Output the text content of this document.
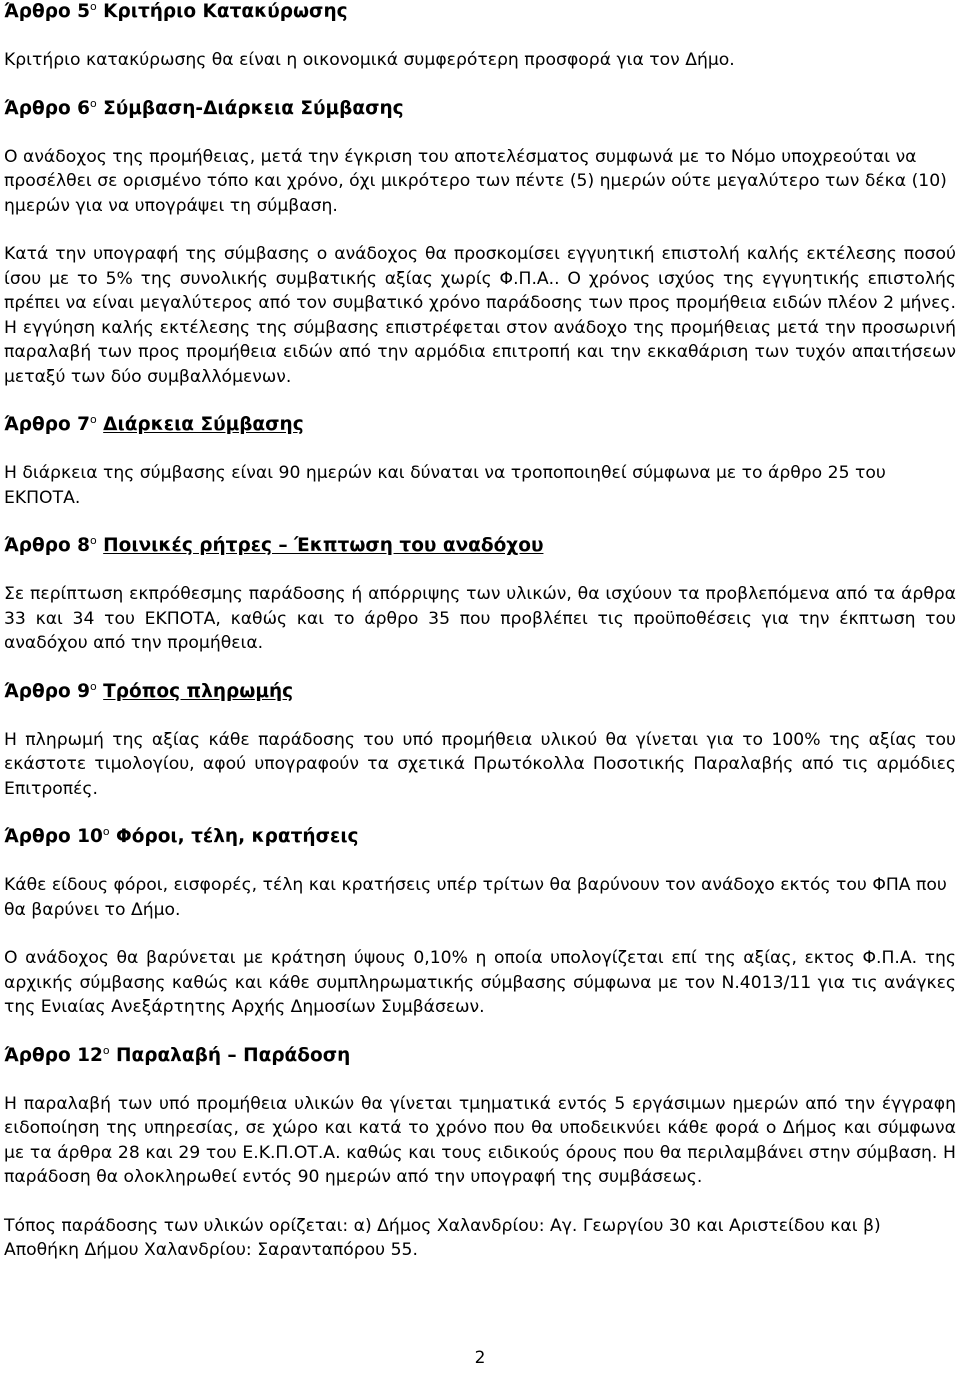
Άρθρο $5^o$ Κριτήριο Κατακύρωσης

Κριτήριο κατακύρωσης θα είναι η οικονομικά συμφερότερη προσφορά για τον Δήμο.

Άρθρο $6^o$ Σύμβαση-Διάρκεια Σύμβασης

Ο ανάδοχος της προμήθειας, μετά την έγκριση του αποτελέσματος συμφωνά με το Νόμο υποχρεούται να προσέλθει σε ορισμένο τόπο και χρόνο, όχι μικρότερο των πέντε (5) ημερών ούτε μεγαλύτερο των δέκα (10) ημερών για να υπογράψει τη σύμβαση.

Κατά την υπογραφή της σύμβασης ο ανάδοχος θα προσκομίσει εγγυητική επιστολή καλής εκτέλεσης ποσού ίσου με το 5% της συνολικής συμβατικής αξίας χωρίς Φ.Π.Α.. Ο χρόνος ισχύος της εγγυητικής επιστολής πρέπει να είναι μεγαλύτερος από τον συμβατικό χρόνο παράδοσης των προς προμήθεια ειδών πλέον 2 μήνες. Η εγγύηση καλής εκτέλεσης της σύμβασης επιστρέφεται στον ανάδοχο της προμήθειας μετά την προσωρινή παραλαβή των προς προμήθεια ειδών από την αρμόδια επιτροπή και την εκκαθάριση των τυχόν απαιτήσεων μεταξύ των δύο συμβαλλόμενων.

Άρθρο $7^o$ Διάρκεια Σύμβασης

Η διάρκεια της σύμβασης είναι 90 ημερών και δύναται να τροποποιηθεί σύμφωνα με το άρθρο 25 του ΕΚΠΟΤΑ.

Άρθρο $8^o$ Ποινικές ρήτρες – Έκπτωση του αναδόχου

Σε περίπτωση εκπρόθεσμης παράδοσης ή απόρριψης των υλικών, θα ισχύουν τα προβλεπόμενα από τα άρθρα 33 και 34 του ΕΚΠΟΤΑ, καθώς και το άρθρο 35 που προβλέπει τις προϋποθέσεις για την έκπτωση του αναδόχου από την προμήθεια.

Άρθρο $9^o$ Τρόπος πληρωμής

Η πληρωμή της αξίας κάθε παράδοσης του υπό προμήθεια υλικού θα γίνεται για το 100% της αξίας του εκάστοτε τιμολογίου, αφού υπογραφούν τα σχετικά Πρωτόκολλα Ποσοτικής Παραλαβής από τις αρμόδιες Επιτροπές.

Άρθρο $10^o$ Φόροι, τέλη, κρατήσεις

Κάθε είδους φόροι, εισφορές, τέλη και κρατήσεις υπέρ τρίτων θα βαρύνουν τον ανάδοχο εκτός του ΦΠΑ που θα βαρύνει το Δήμο.

Ο ανάδοχος θα βαρύνεται με κράτηση ύψους 0,10% η οποία υπολογίζεται επί της αξίας, εκτος Φ.Π.Α. της αρχικής σύμβασης καθώς και κάθε συμπληρωματικής σύμβασης σύμφωνα με τον Ν.4013/11 για τις ανάγκες της Ενιαίας Ανεξάρτητης Αρχής Δημοσίων Συμβάσεων.

Άρθρο $12^o$ Παραλαβή – Παράδοση

Η παραλαβή των υπό προμήθεια υλικών θα γίνεται τμηματικά εντός 5 εργάσιμων ημερών από την έγγραφη ειδοποίηση της υπηρεσίας, σε χώρο και κατά το χρόνο που θα υποδεικνύει κάθε φορά ο Δήμος και σύμφωνα με τα άρθρα 28 και 29 του Ε.Κ.Π.ΟΤ.Α. καθώς και τους ειδικούς όρους που θα περιλαμβάνει στην σύμβαση. Η παράδοση θα ολοκληρωθεί εντός 90 ημερών από την υπογραφή της συμβάσεως.

Τόπος παράδοσης των υλικών ορίζεται: α) Δήμος Χαλανδρίου: Αγ. Γεωργίου 30 και Αριστείδου και β) Αποθήκη Δήμου Χαλανδρίου: Σαρανταπόρου 55.

2
